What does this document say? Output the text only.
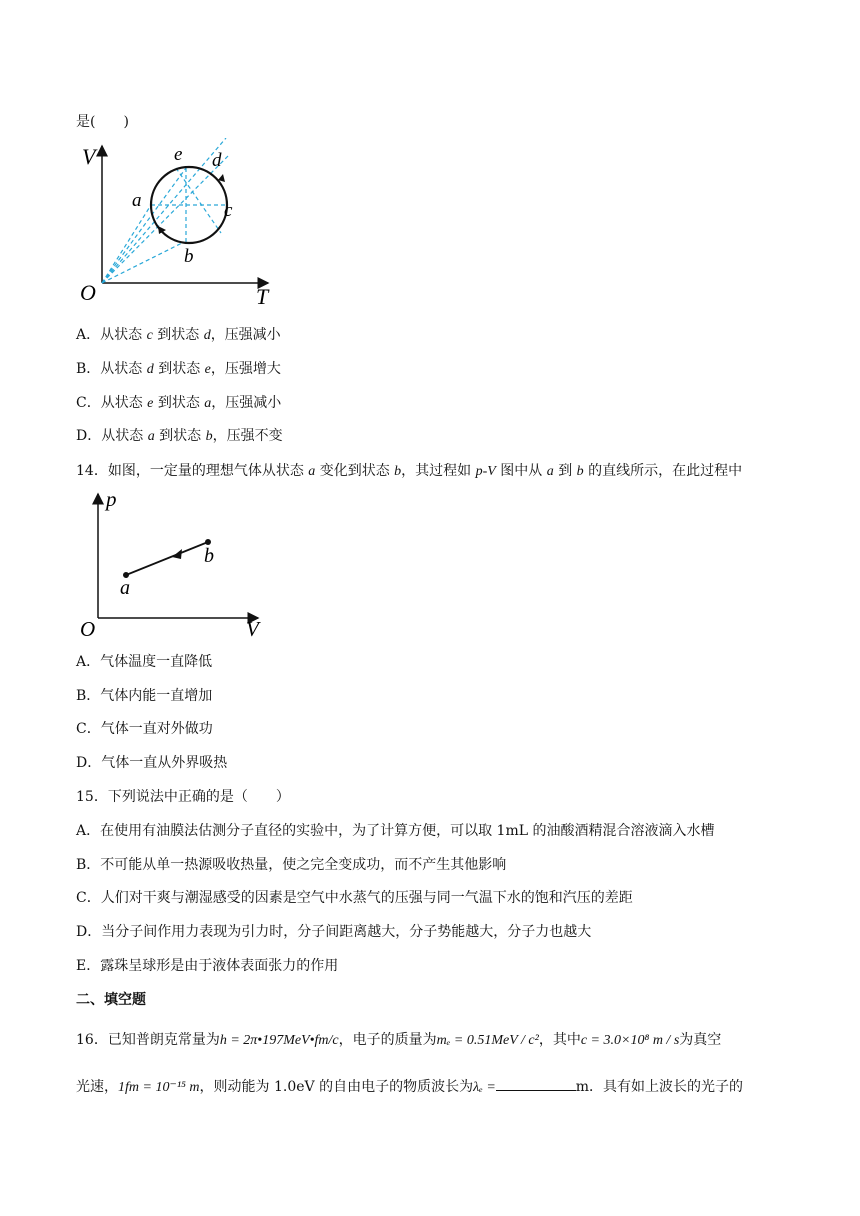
是(　　)
V	e d
a	c
b
O	T
A．从状态 c 到状态 d，压强减小
B．从状态 d 到状态 e，压强增大
C．从状态 e 到状态 a，压强减小
D．从状态 a 到状态 b，压强不变
14．如图，一定量的理想气体从状态 a 变化到状态 b，其过程如 p-V 图中从 a 到 b 的直线所示，在此过程中
p
b
a
O	V
A．气体温度一直降低
B．气体内能一直增加
C．气体一直对外做功
D．气体一直从外界吸热
15．下列说法中正确的是（　　）
A．在使用有油膜法估测分子直径的实验中，为了计算方便，可以取 1mL 的油酸酒精混合溶液滴入水槽
B．不可能从单一热源吸收热量，使之完全变成功，而不产生其他影响
C．人们对干爽与潮湿感受的因素是空气中水蒸气的压强与同一气温下水的饱和汽压的差距
D．当分子间作用力表现为引力时，分子间距离越大，分子势能越大，分子力也越大
E．露珠呈球形是由于液体表面张力的作用
二、填空题
16．已知普朗克常量为h = 2π•197MeV•fm/c，电子的质量为mₑ = 0.51MeV / c²，其中c = 3.0×10⁸ m / s为真空
光速，1fm = 10⁻¹⁵ m，则动能为 1.0eV 的自由电子的物质波长为λₑ =	m．具有如上波长的光子的
